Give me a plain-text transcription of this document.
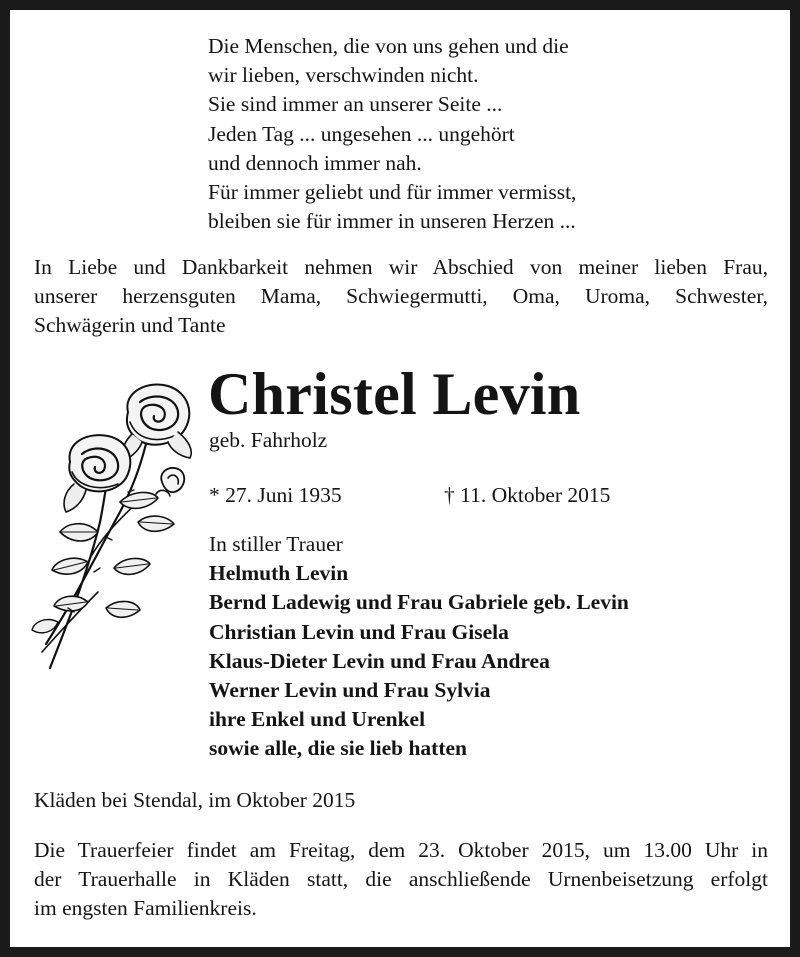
Die Menschen, die von uns gehen und die
wir lieben, verschwinden nicht.
Sie sind immer an unserer Seite ...
Jeden Tag ... ungesehen ... ungehört
und dennoch immer nah.
Für immer geliebt und für immer vermisst,
bleiben sie für immer in unseren Herzen ...
In Liebe und Dankbarkeit nehmen wir Abschied von meiner lieben Frau,
unserer herzensguten Mama, Schwiegermutti, Oma, Uroma, Schwester,
Schwägerin und Tante
Christel Levin
geb. Fahrholz
* 27. Juni 1935	† 11. Oktober 2015
In stiller Trauer
Helmuth Levin
Bernd Ladewig und Frau Gabriele geb. Levin
Christian Levin und Frau Gisela
Klaus-Dieter Levin und Frau Andrea
Werner Levin und Frau Sylvia
ihre Enkel und Urenkel
sowie alle, die sie lieb hatten
Kläden bei Stendal, im Oktober 2015
Die Trauerfeier findet am Freitag, dem 23. Oktober 2015, um 13.00 Uhr in
der Trauerhalle in Kläden statt, die anschließende Urnenbeisetzung erfolgt
im engsten Familienkreis.
